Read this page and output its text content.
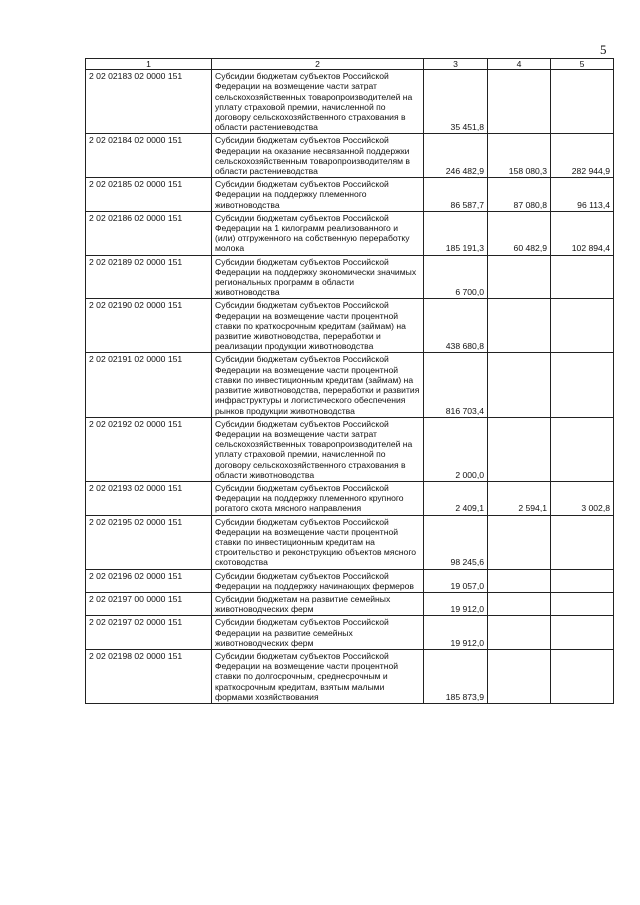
5
1	2	3	4	5
2 02 02183 02 0000 151	Субсидии бюджетам субъектов Российской Федерации на возмещение части затрат сельскохозяйственных товаропроизводителей на уплату страховой премии, начисленной по договору сельскохозяйственного страхования в области растениеводства	35 451,8		
2 02 02184 02 0000 151	Субсидии бюджетам субъектов Российской Федерации на оказание несвязанной поддержки сельскохозяйственным товаропроизводителям в области растениеводства	246 482,9	158 080,3	282 944,9
2 02 02185 02 0000 151	Субсидии бюджетам субъектов Российской Федерации на поддержку племенного животноводства	86 587,7	87 080,8	96 113,4
2 02 02186 02 0000 151	Субсидии бюджетам субъектов Российской Федерации на 1 килограмм реализованного и (или) отгруженного на собственную переработку молока	185 191,3	60 482,9	102 894,4
2 02 02189 02 0000 151	Субсидии бюджетам субъектов Российской Федерации на поддержку экономически значимых региональных программ в области животноводства	6 700,0		
2 02 02190 02 0000 151	Субсидии бюджетам субъектов Российской Федерации на возмещение части процентной ставки по краткосрочным кредитам (займам) на развитие животноводства, переработки и реализации продукции животноводства	438 680,8		
2 02 02191 02 0000 151	Субсидии бюджетам субъектов Российской Федерации на возмещение части процентной ставки по инвестиционным кредитам (займам) на развитие животноводства, переработки и развития инфраструктуры и логистического обеспечения рынков продукции животноводства	816 703,4		
2 02 02192 02 0000 151	Субсидии бюджетам субъектов Российской Федерации на возмещение части затрат сельскохозяйственных товаропроизводителей на уплату страховой премии, начисленной по договору сельскохозяйственного страхования в области животноводства	2 000,0		
2 02 02193 02 0000 151	Субсидии бюджетам субъектов Российской Федерации на поддержку племенного крупного рогатого скота мясного направления	2 409,1	2 594,1	3 002,8
2 02 02195 02 0000 151	Субсидии бюджетам субъектов Российской Федерации на возмещение части процентной ставки по инвестиционным кредитам на строительство и реконструкцию объектов мясного скотоводства	98 245,6		
2 02 02196 02 0000 151	Субсидии бюджетам субъектов Российской Федерации на поддержку начинающих фермеров	19 057,0		
2 02 02197 00 0000 151	Субсидии бюджетам на развитие семейных животноводческих ферм	19 912,0		
2 02 02197 02 0000 151	Субсидии бюджетам субъектов Российской Федерации на развитие семейных животноводческих ферм	19 912,0		
2 02 02198 02 0000 151	Субсидии бюджетам субъектов Российской Федерации на возмещение части процентной ставки по долгосрочным, среднесрочным и краткосрочным кредитам, взятым малыми формами хозяйствования	185 873,9		
